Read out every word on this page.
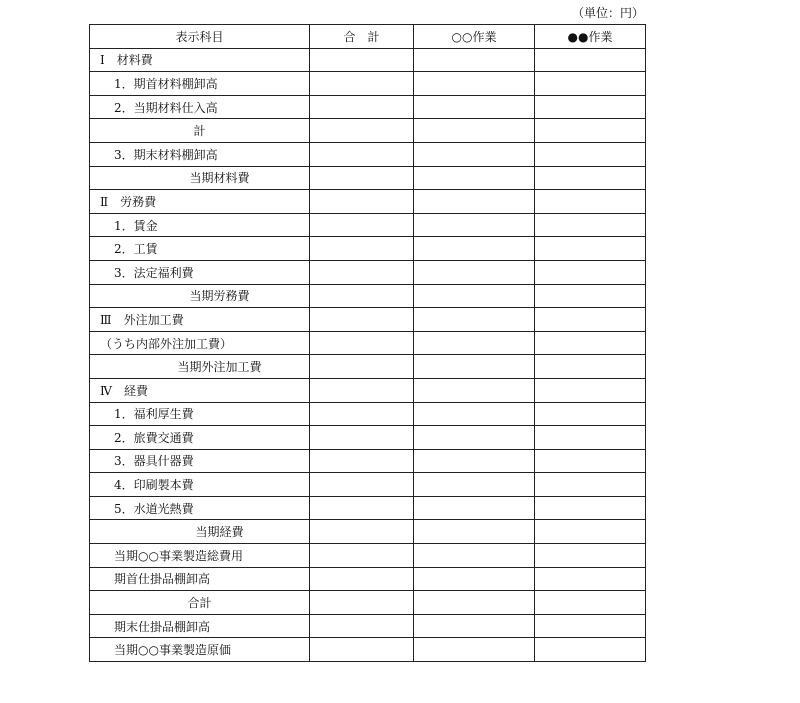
（単位：円）
表示科目	合　計	○○作業	●●作業
Ⅰ　材料費			
1．期首材料棚卸高			
2．当期材料仕入高			
計			
3．期末材料棚卸高			
当期材料費			
Ⅱ　労務費			
1．賃金			
2．工賃			
3．法定福利費			
当期労務費			
Ⅲ　外注加工費			
（うち内部外注加工費）			
当期外注加工費			
Ⅳ　経費			
1．福利厚生費			
2．旅費交通費			
3．器具什器費			
4．印刷製本費			
5．水道光熱費			
当期経費			
当期○○事業製造総費用			
期首仕掛品棚卸高			
合計			
期末仕掛品棚卸高			
当期○○事業製造原価			
